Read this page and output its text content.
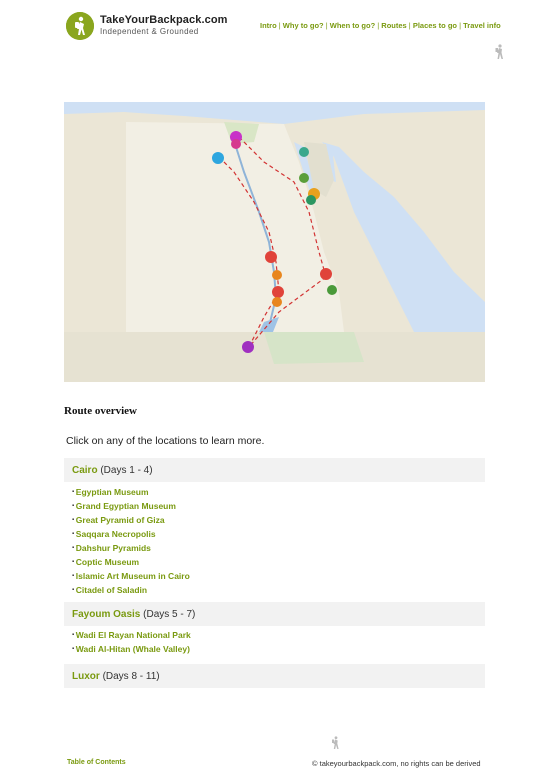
TakeYourBackpack.com
Independent & Grounded
Intro | Why to go? | When to go? | Routes | Places to go | Travel info
Route overview
Click on any of the locations to learn more.
Cairo (Days 1 - 4)
▪ Egyptian Museum
▪ Grand Egyptian Museum
▪ Great Pyramid of Giza
▪ Saqqara Necropolis
▪ Dahshur Pyramids
▪ Coptic Museum
▪ Islamic Art Museum in Cairo
▪ Citadel of Saladin
Fayoum Oasis (Days 5 - 7)
▪ Wadi El Rayan National Park
▪ Wadi Al-Hitan (Whale Valley)
Luxor (Days 8 - 11)
Table of Contents	© takeyourbackpack.com, no rights can be derived
